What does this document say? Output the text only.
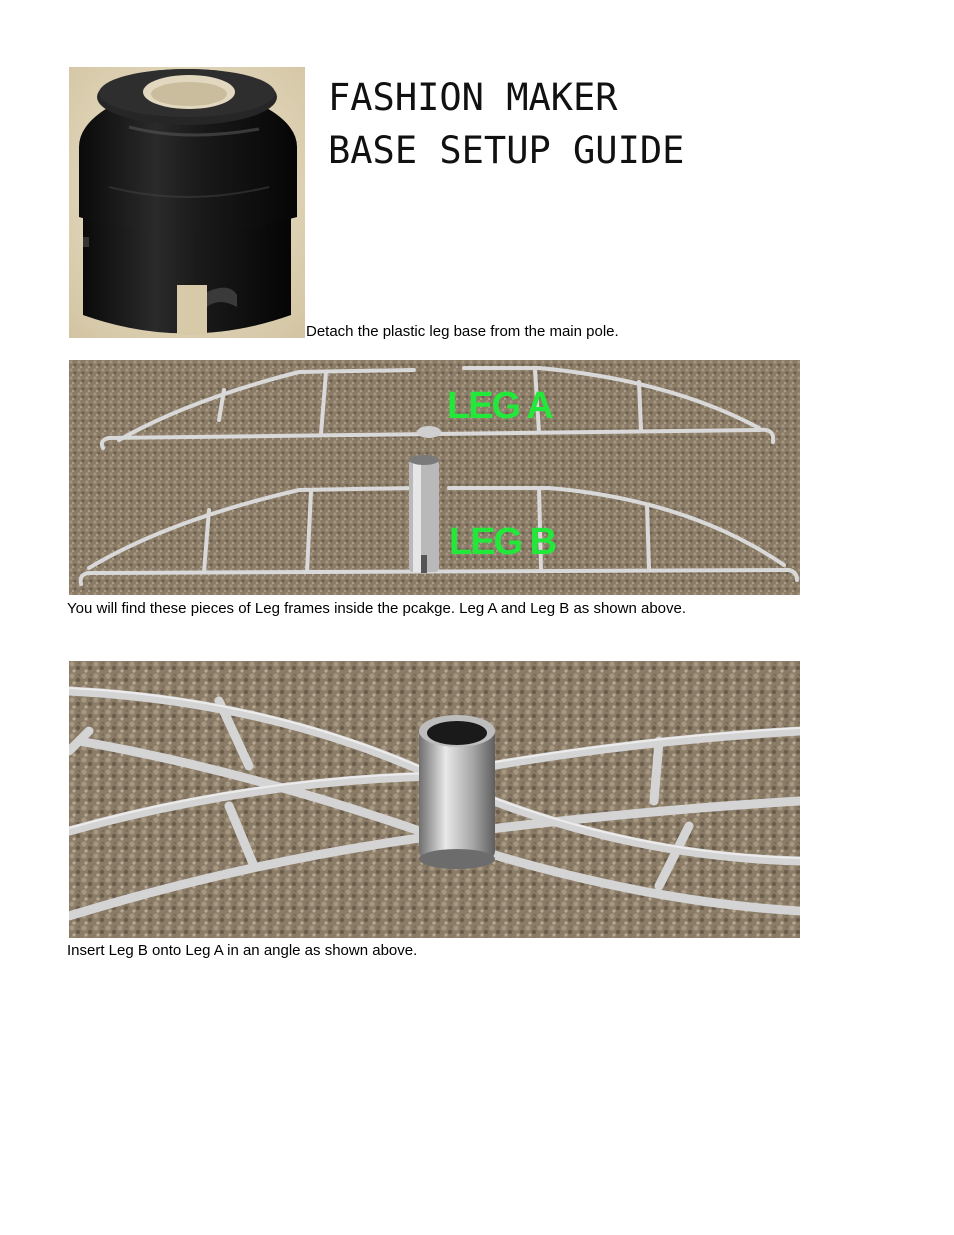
FASHION MAKER
BASE SETUP GUIDE

Detach the plastic leg base from the main pole.

LEG A
LEG B

You will find these pieces of Leg frames inside the pcakge. Leg A and Leg B as shown above.

Insert Leg B onto Leg A in an angle as shown above.
